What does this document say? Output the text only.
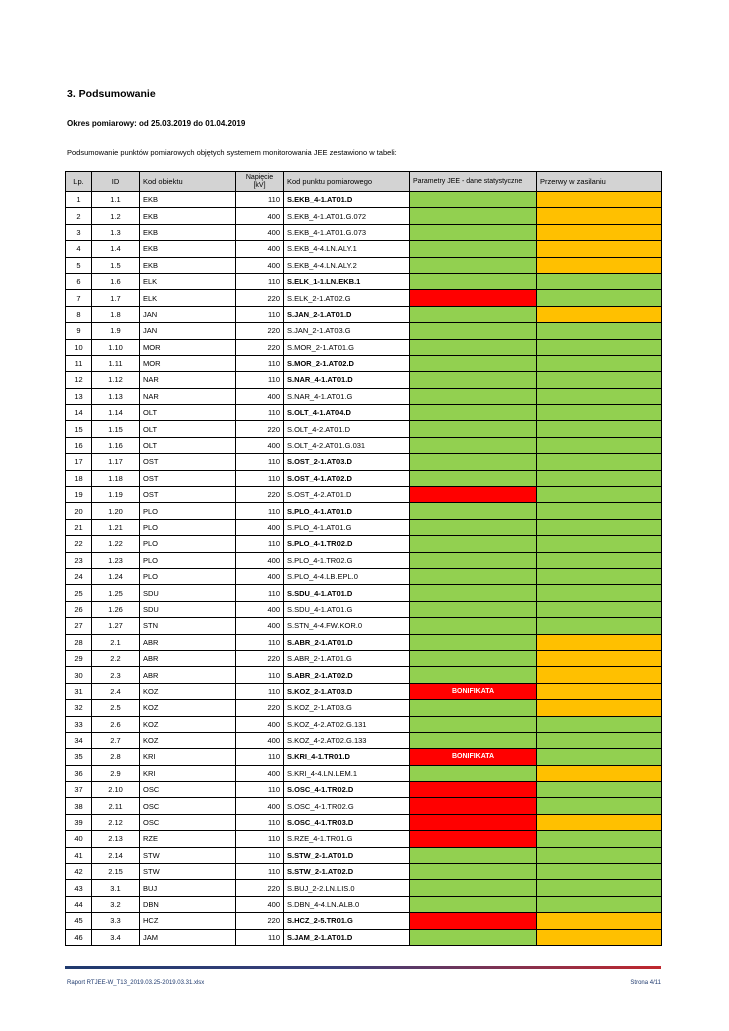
3. Podsumowanie
Okres pomiarowy: od 25.03.2019 do 01.04.2019
Podsumowanie punktów pomiarowych objętych systemem monitorowania JEE zestawiono w tabeli:
Lp.	ID	Kod obiektu	Napięcie [kV]	Kod punktu pomiarowego	Parametry JEE - dane statystyczne	Przerwy w zasilaniu
1	1.1	EKB	110	S.EKB_4-1.AT01.D		
2	1.2	EKB	400	S.EKB_4-1.AT01.G.072		
3	1.3	EKB	400	S.EKB_4-1.AT01.G.073		
4	1.4	EKB	400	S.EKB_4-4.LN.ALY.1		
5	1.5	EKB	400	S.EKB_4-4.LN.ALY.2		
6	1.6	ELK	110	S.ELK_1-1.LN.EKB.1		
7	1.7	ELK	220	S.ELK_2-1.AT02.G		
8	1.8	JAN	110	S.JAN_2-1.AT01.D		
9	1.9	JAN	220	S.JAN_2-1.AT03.G		
10	1.10	MOR	220	S.MOR_2-1.AT01.G		
11	1.11	MOR	110	S.MOR_2-1.AT02.D		
12	1.12	NAR	110	S.NAR_4-1.AT01.D		
13	1.13	NAR	400	S.NAR_4-1.AT01.G		
14	1.14	OLT	110	S.OLT_4-1.AT04.D		
15	1.15	OLT	220	S.OLT_4-2.AT01.D		
16	1.16	OLT	400	S.OLT_4-2.AT01.G.031		
17	1.17	OST	110	S.OST_2-1.AT03.D		
18	1.18	OST	110	S.OST_4-1.AT02.D		
19	1.19	OST	220	S.OST_4-2.AT01.D		
20	1.20	PLO	110	S.PLO_4-1.AT01.D		
21	1.21	PLO	400	S.PLO_4-1.AT01.G		
22	1.22	PLO	110	S.PLO_4-1.TR02.D		
23	1.23	PLO	400	S.PLO_4-1.TR02.G		
24	1.24	PLO	400	S.PLO_4-4.LB.EPL.0		
25	1.25	SDU	110	S.SDU_4-1.AT01.D		
26	1.26	SDU	400	S.SDU_4-1.AT01.G		
27	1.27	STN	400	S.STN_4-4.FW.KOR.0		
28	2.1	ABR	110	S.ABR_2-1.AT01.D		
29	2.2	ABR	220	S.ABR_2-1.AT01.G		
30	2.3	ABR	110	S.ABR_2-1.AT02.D		
31	2.4	KOZ	110	S.KOZ_2-1.AT03.D	BONIFIKATA	
32	2.5	KOZ	220	S.KOZ_2-1.AT03.G		
33	2.6	KOZ	400	S.KOZ_4-2.AT02.G.131		
34	2.7	KOZ	400	S.KOZ_4-2.AT02.G.133		
35	2.8	KRI	110	S.KRI_4-1.TR01.D	BONIFIKATA	
36	2.9	KRI	400	S.KRI_4-4.LN.LEM.1		
37	2.10	OSC	110	S.OSC_4-1.TR02.D		
38	2.11	OSC	400	S.OSC_4-1.TR02.G		
39	2.12	OSC	110	S.OSC_4-1.TR03.D		
40	2.13	RZE	110	S.RZE_4-1.TR01.G		
41	2.14	STW	110	S.STW_2-1.AT01.D		
42	2.15	STW	110	S.STW_2-1.AT02.D		
43	3.1	BUJ	220	S.BUJ_2-2.LN.LIS.0		
44	3.2	DBN	400	S.DBN_4-4.LN.ALB.0		
45	3.3	HCZ	220	S.HCZ_2-5.TR01.G		
46	3.4	JAM	110	S.JAM_2-1.AT01.D		
Raport RTJEE-W_T13_2019.03.25-2019.03.31.xlsx	Strona 4/11
